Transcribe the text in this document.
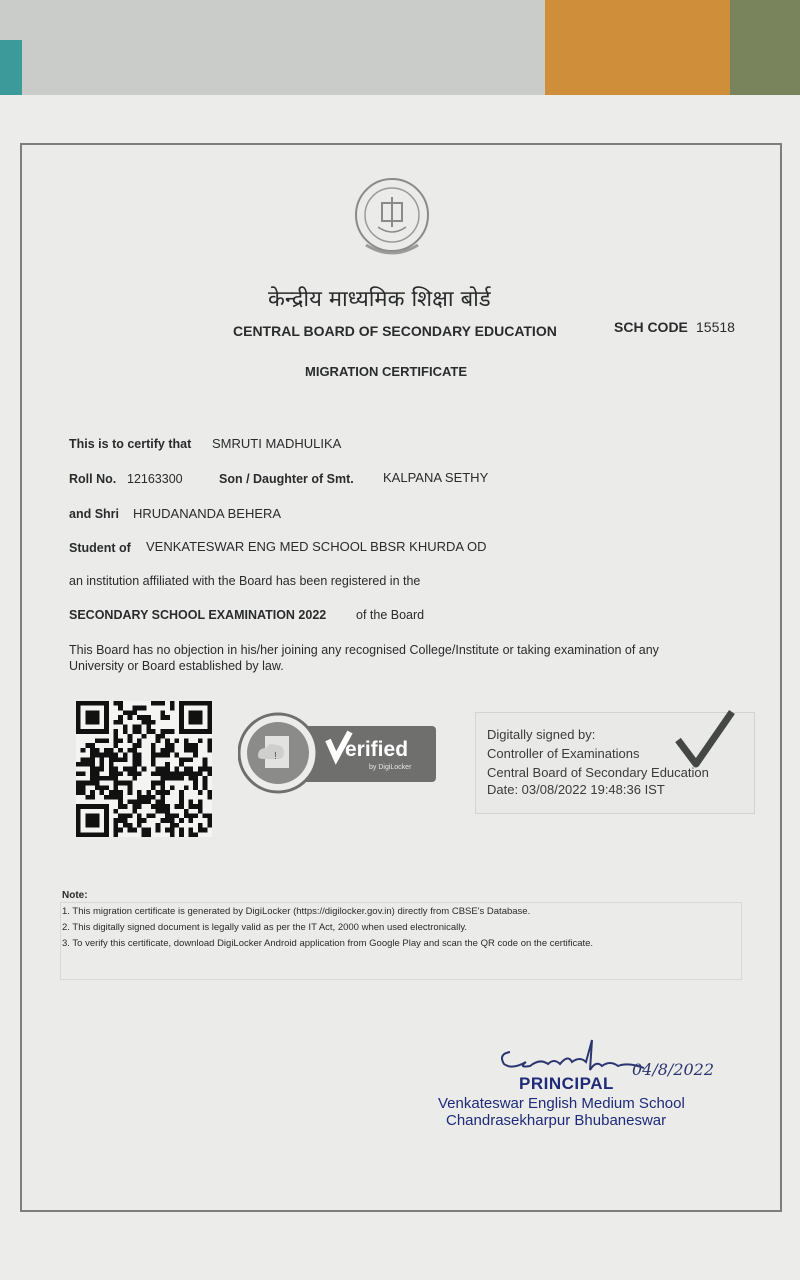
केन्द्रीय माध्यमिक शिक्षा बोर्ड
CENTRAL BOARD OF SECONDARY EDUCATION	SCH CODE 15518
MIGRATION CERTIFICATE
This is to certify that SMRUTI MADHULIKA
Roll No. 12163300	Son / Daughter of Smt. KALPANA SETHY
and Shri HRUDANANDA BEHERA
Student of VENKATESWAR ENG MED SCHOOL BBSR KHURDA OD
an institution affiliated with the Board has been registered in the
SECONDARY SCHOOL EXAMINATION 2022 of the Board
This Board has no objection in his/her joining any recognised College/Institute or taking examination of any
University or Board established by law.
!	erified
by DigiLocker
Digitally signed by:
Controller of Examinations
Central Board of Secondary Education
Date: 03/08/2022 19:48:36 IST
Note:
1. This migration certificate is generated by DigiLocker (https://digilocker.gov.in) directly from CBSE's Database.
2. This digitally signed document is legally valid as per the IT Act, 2000 when used electronically.
3. To verify this certificate, download DigiLocker Android application from Google Play and scan the QR code on the certificate.
04/8/2022
PRINCIPAL
Venkateswar English Medium School
Chandrasekharpur Bhubaneswar
